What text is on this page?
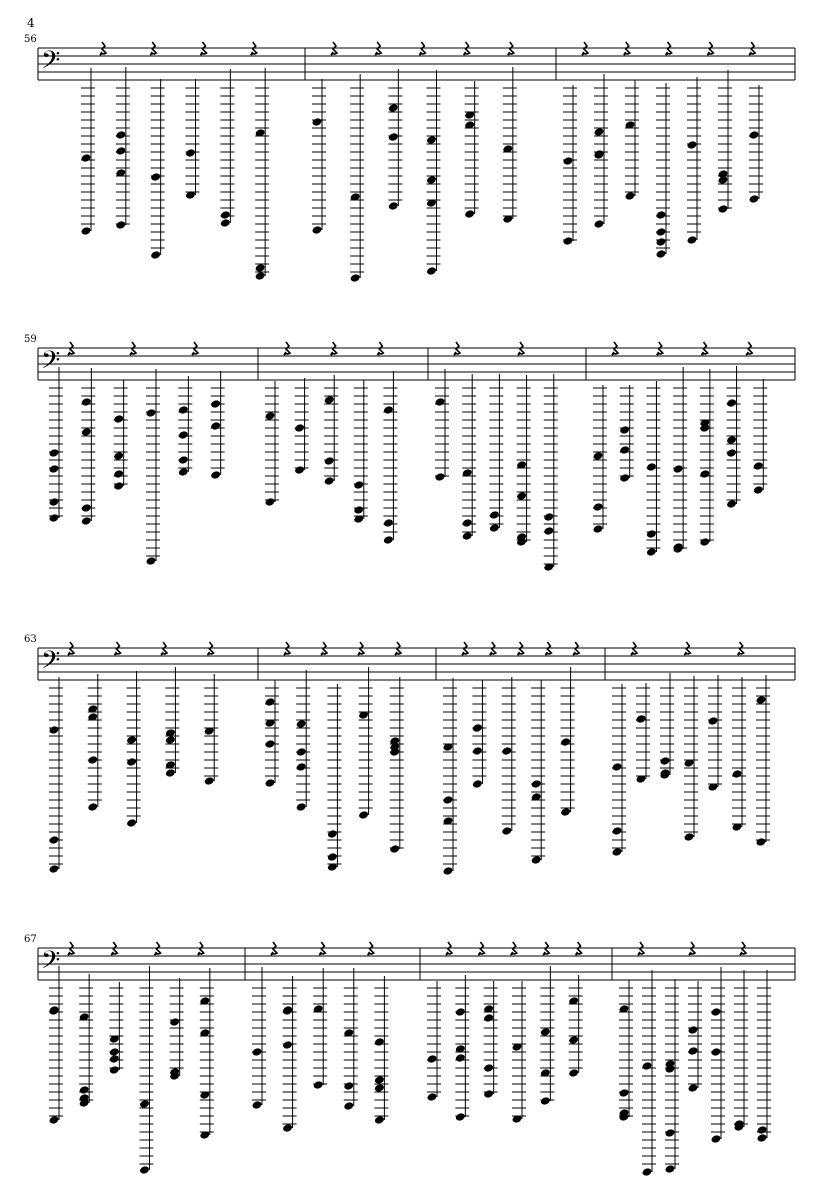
4
56
𝄢
59
𝄢
63
𝄢
67
𝄢
